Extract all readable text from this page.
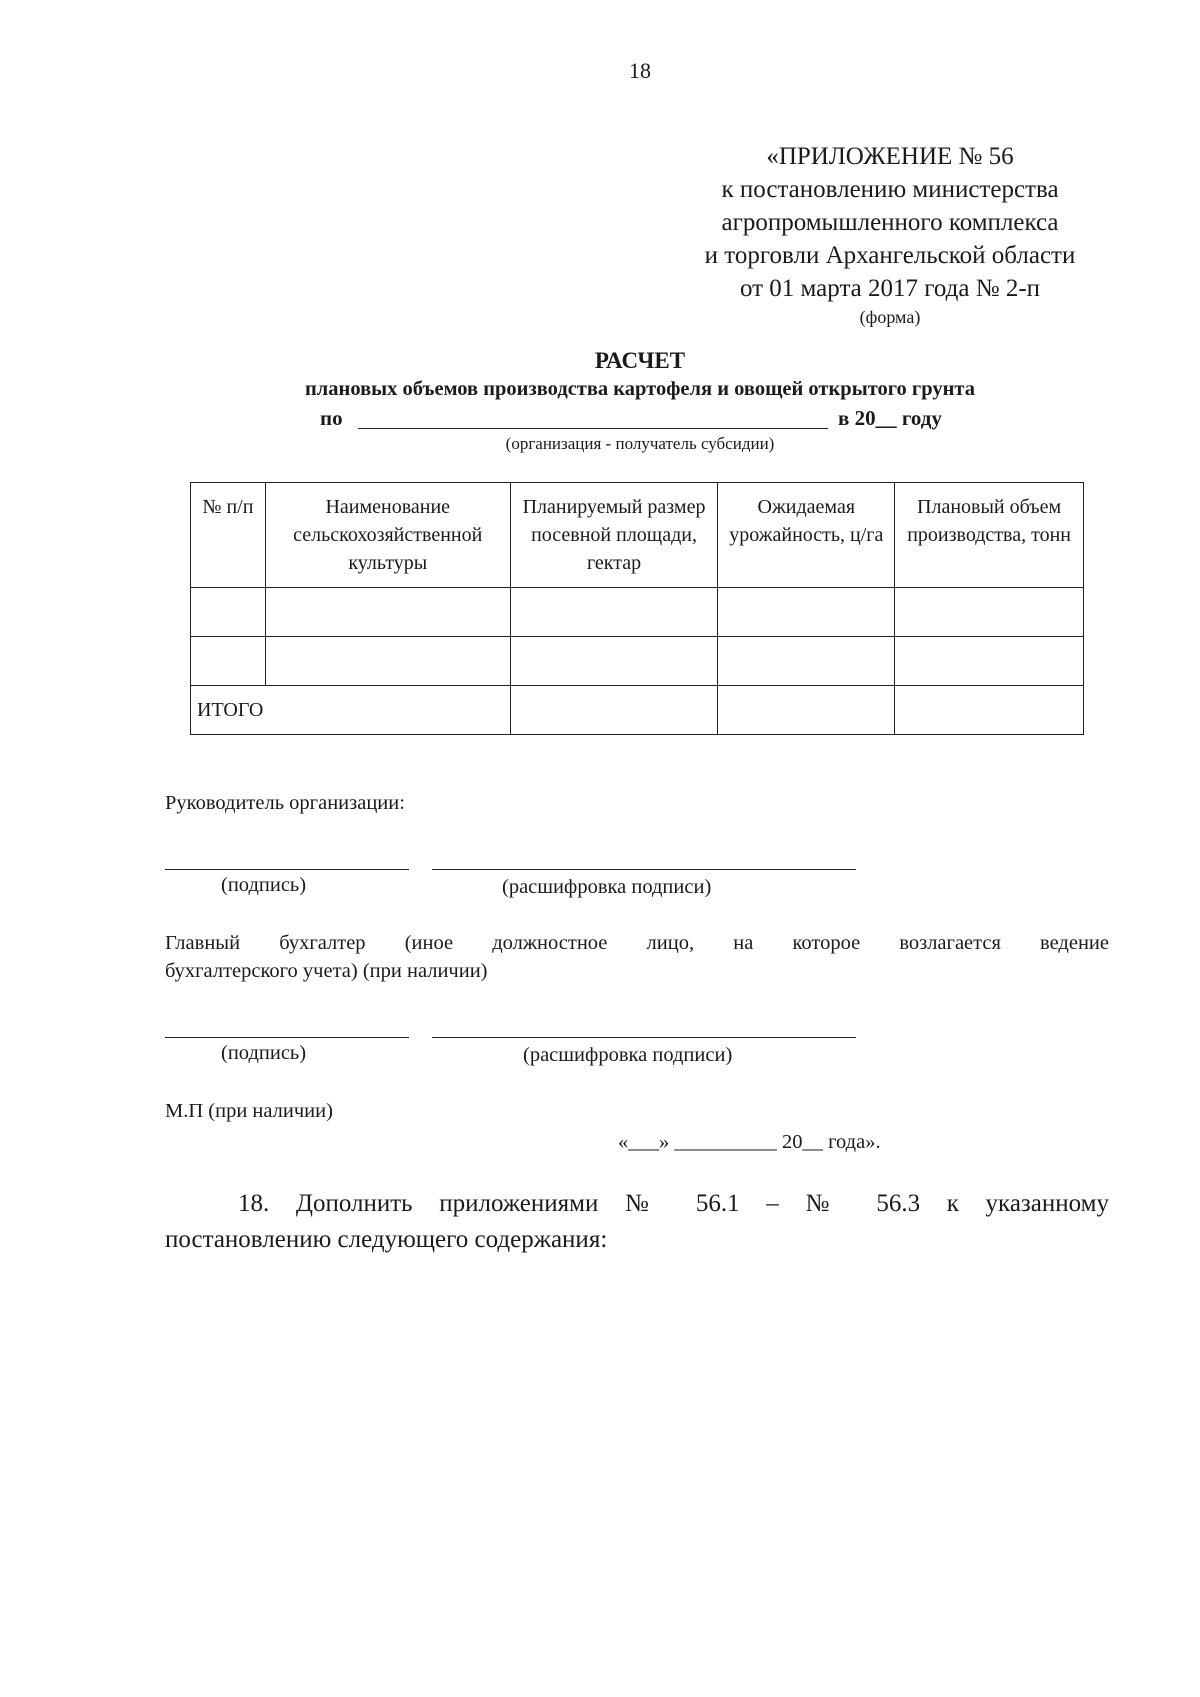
18
«ПРИЛОЖЕНИЕ № 56
к постановлению министерства
агропромышленного комплекса
и торговли Архангельской области
от 01 марта 2017 года № 2-п
(форма)
РАСЧЕТ
плановых объемов производства картофеля и овощей открытого грунта
по	в 20__ году
(организация - получатель субсидии)
№ п/п	Наименование сельскохозяйственной культуры	Планируемый размер посевной площади, гектар	Ожидаемая урожайность, ц/га	Плановый объем производства, тонн

ИТОГО				
Руководитель организации:
(подпись)	(расшифровка подписи)
Главный бухгалтер (иное должностное лицо, на которое возлагается ведение
бухгалтерского учета) (при наличии)
(подпись)	(расшифровка подписи)
М.П (при наличии)
«___» __________ 20__ года».
18. Дополнить приложениями № 56.1 – № 56.3 к указанному
постановлению следующего содержания:
